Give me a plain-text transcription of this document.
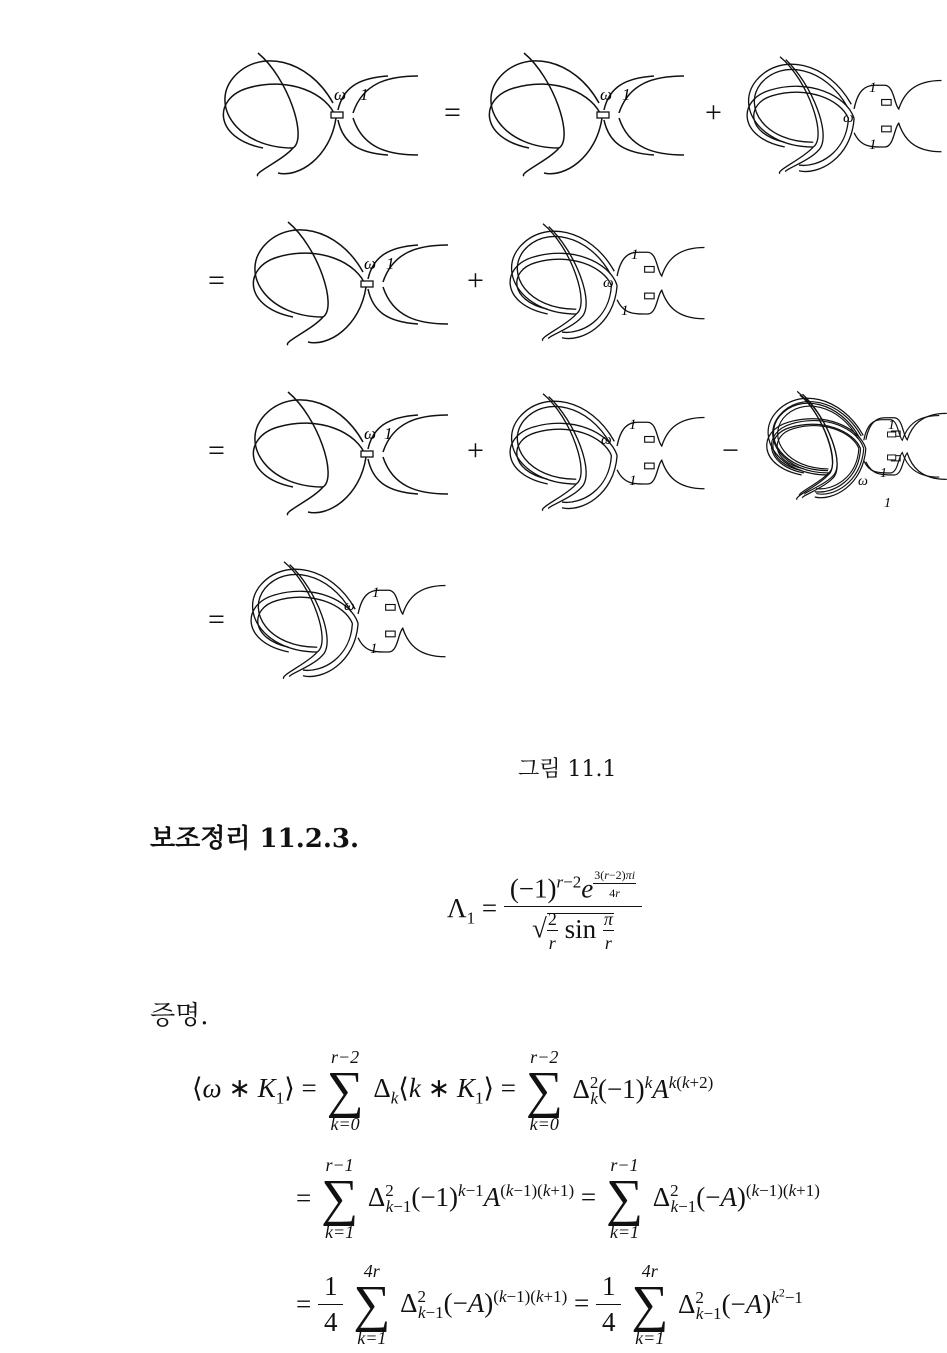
ω 1
=
ω 1
+
1
ω
1
=
ω 1
+
1
ω
1
=
ω 1
+
1
ω
1
−
1
ω
1
1
=
1
ω
1
그림 11.1
보조정리 11.2.3.
$\Lambda_1 = (-1)^{r-2}e$ $^{\frac{3(r-2)\pi i}{4r}}$
√ $\frac{2}{r}$ $\sin \frac{\pi}{r}$
증명.
⟨ω ∗ $K_1⟩$ =
r−2
∑
k=0
$\Delta_k⟨k$ ∗ $K_1⟩$ =
r−2
∑
k=0
$\Delta^2_k(-1)^kA^{k(k+2)}$
=
r−1
∑
k=1
$\Delta^2_{k-1}(-1)^{k-1}A^{(k-1)(k+1)}$ =
r−1
∑
k=1
$\Delta^2_{k-1}(-A)^{(k-1)(k+1)}$
= $\frac{1}{4}$

4r
∑
k=1
$\Delta^2_{k-1}(-A)^{(k-1)(k+1)} = \frac{1}{4}$

4r
∑
k=1
$\Delta^2_{k-1}(-A)^{k^2-1}$
